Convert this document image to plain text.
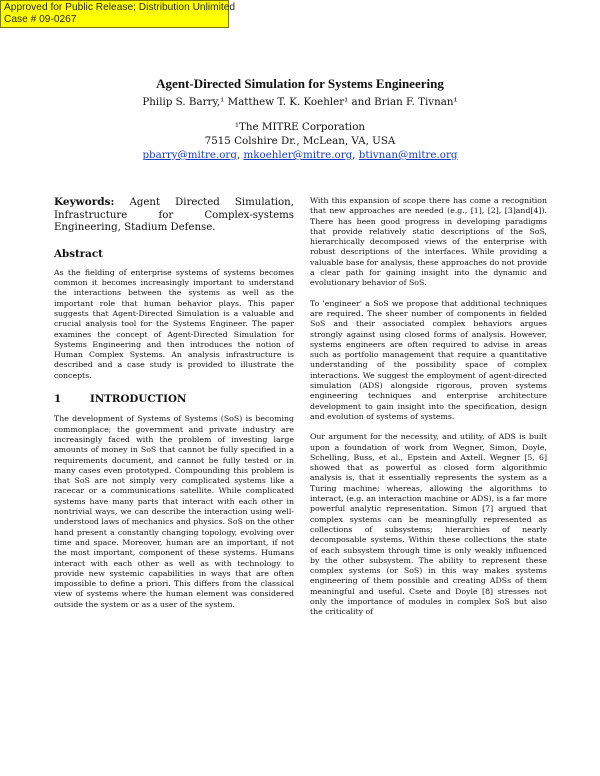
Approved for Public Release; Distribution Unlimited
Case # 09-0267
Agent-Directed Simulation for Systems Engineering
Philip S. Barry,¹ Matthew T. K. Koehler¹ and Brian F. Tivnan¹
¹The MITRE Corporation
7515 Colshire Dr., McLean, VA, USA
pbarry@mitre.org, mkoehler@mitre.org, btivnan@mitre.org

Keywords: Agent Directed Simulation, Infrastructure for Complex-systems Engineering, Stadium Defense.

Abstract

As the fielding of enterprise systems of systems becomes common it becomes increasingly important to understand the interactions between the systems as well as the important role that human behavior plays. This paper suggests that Agent-Directed Simulation is a valuable and crucial analysis tool for the Systems Engineer. The paper examines the concept of Agent-Directed Simulation for Systems Engineering and then introduces the notion of Human Complex Systems. An analysis infrastructure is described and a case study is provided to illustrate the concepts.

1	INTRODUCTION

The development of Systems of Systems (SoS) is becoming commonplace; the government and private industry are increasingly faced with the problem of investing large amounts of money in SoS that cannot be fully specified in a requirements document, and cannot be fully tested or in many cases even prototyped. Compounding this problem is that SoS are not simply very complicated systems like a racecar or a communications satellite. While complicated systems have many parts that interact with each other in nontrivial ways, we can describe the interaction using well-understood laws of mechanics and physics. SoS on the other hand present a constantly changing topology, evolving over time and space. Moreover, human are an important, if not the most important, component of these systems. Humans interact with each other as well as with technology to provide new systemic capabilities in ways that are often impossible to define a priori. This differs from the classical view of systems where the human element was considered outside the system or as a user of the system.

With this expansion of scope there has come a recognition that new approaches are needed (e.g., [1], [2], [3]and[4]). There has been good progress in developing paradigms that provide relatively static descriptions of the SoS, hierarchically decomposed views of the enterprise with robust descriptions of the interfaces. While providing a valuable base for analysis, these approaches do not provide a clear path for gaining insight into the dynamic and evolutionary behavior of SoS.

To 'engineer' a SoS we propose that additional techniques are required. The sheer number of components in fielded SoS and their associated complex behaviors argues strongly against using closed forms of analysis. However, systems engineers are often required to advise in areas such as portfolio management that require a quantitative understanding of the possibility space of complex interactions. We suggest the employment of agent-directed simulation (ADS) alongside rigorous, proven systems engineering techniques and enterprise architecture development to gain insight into the specification, design and evolution of systems of systems.

Our argument for the necessity, and utility, of ADS is built upon a foundation of work from Wegner, Simon, Doyle, Schelling, Buss, et al., Epstein and Axtell. Wegner [5, 6] showed that as powerful as closed form algorithmic analysis is, that it essentially represents the system as a Turing machine; whereas, allowing the algorithms to interact, (e.g. an interaction machine or ADS), is a far more powerful analytic representation. Simon [7] argued that complex systems can be meaningfully represented as collections of subsystems; hierarchies of nearly decomposable systems. Within these collections the state of each subsystem through time is only weakly influenced by the other subsystem. The ability to represent these complex systems (or SoS) in this way makes systems engineering of them possible and creating ADSs of them meaningful and useful. Csete and Doyle [8] stresses not only the importance of modules in complex SoS but also the criticality of
